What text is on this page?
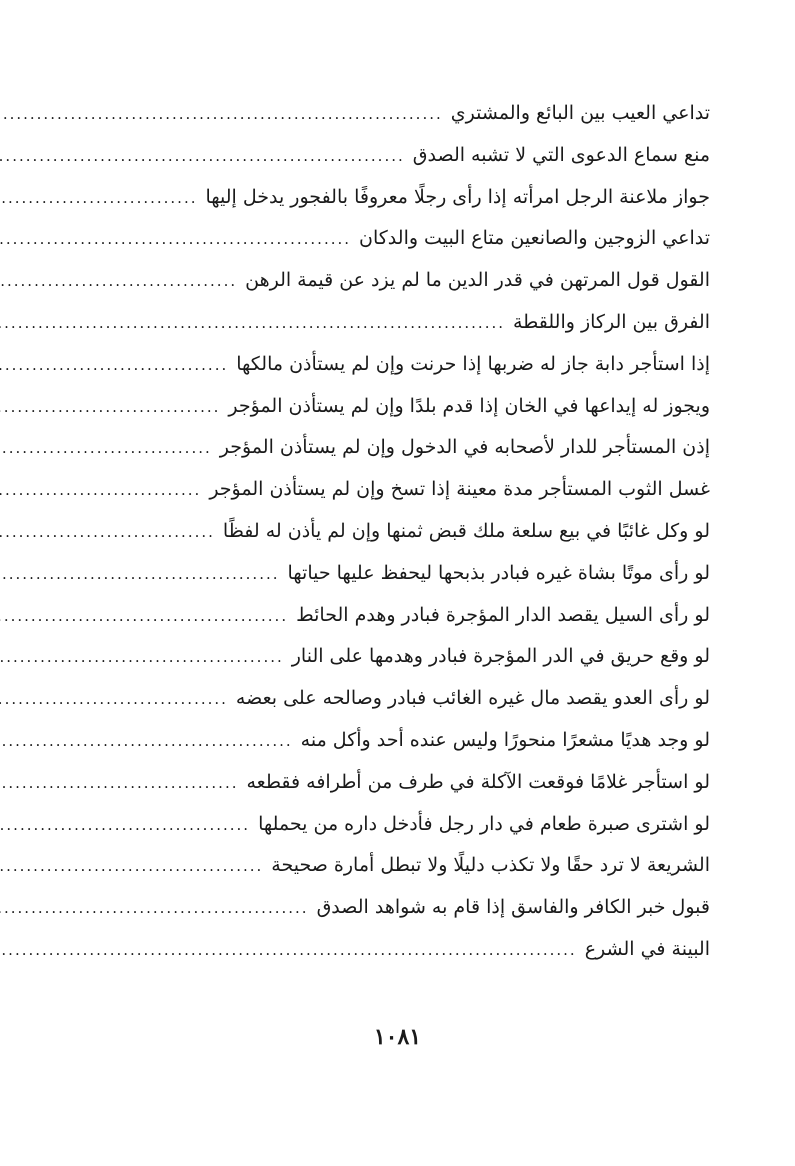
تداعي العيب بين البائع والمشتري
.....
منع سماع الدعوى التي لا تشبه الصدق
.....
جواز ملاعنة الرجل امرأته إذا رأى رجلًا معروفًا بالفجور يدخل إليها
.....
تداعي الزوجين والصانعين متاع البيت والدكان
.....
القول قول المرتهن في قدر الدين ما لم يزد عن قيمة الرهن
.....
الفرق بين الركاز واللقطة
.....
إذا استأجر دابة جاز له ضربها إذا حرنت وإن لم يستأذن مالكها
.....
ويجوز له إيداعها في الخان إذا قدم بلدًا وإن لم يستأذن المؤجر
.....
إذن المستأجر للدار لأصحابه في الدخول وإن لم يستأذن المؤجر
.....
غسل الثوب المستأجر مدة معينة إذا تسخ وإن لم يستأذن المؤجر
.....
لو وكل غائبًا في بيع سلعة ملك قبض ثمنها وإن لم يأذن له لفظًا
.....
لو رأى موتًا بشاة غيره فبادر بذبحها ليحفظ عليها حياتها
.....
لو رأى السيل يقصد الدار المؤجرة فبادر وهدم الحائط
.....
لو وقع حريق في الدر المؤجرة فبادر وهدمها على النار
.....
لو رأى العدو يقصد مال غيره الغائب فبادر وصالحه على بعضه
.....
لو وجد هديًا مشعرًا منحورًا وليس عنده أحد وأكل منه
.....
لو استأجر غلامًا فوقعت الآكلة في طرف من أطرافه فقطعه
.....
لو اشترى صبرة طعام في دار رجل فأدخل داره من يحملها
.....
الشريعة لا ترد حقًا ولا تكذب دليلًا ولا تبطل أمارة صحيحة
.....
قبول خبر الكافر والفاسق إذا قام به شواهد الصدق
.....
البينة في الشرع
.....
١٠٨١
